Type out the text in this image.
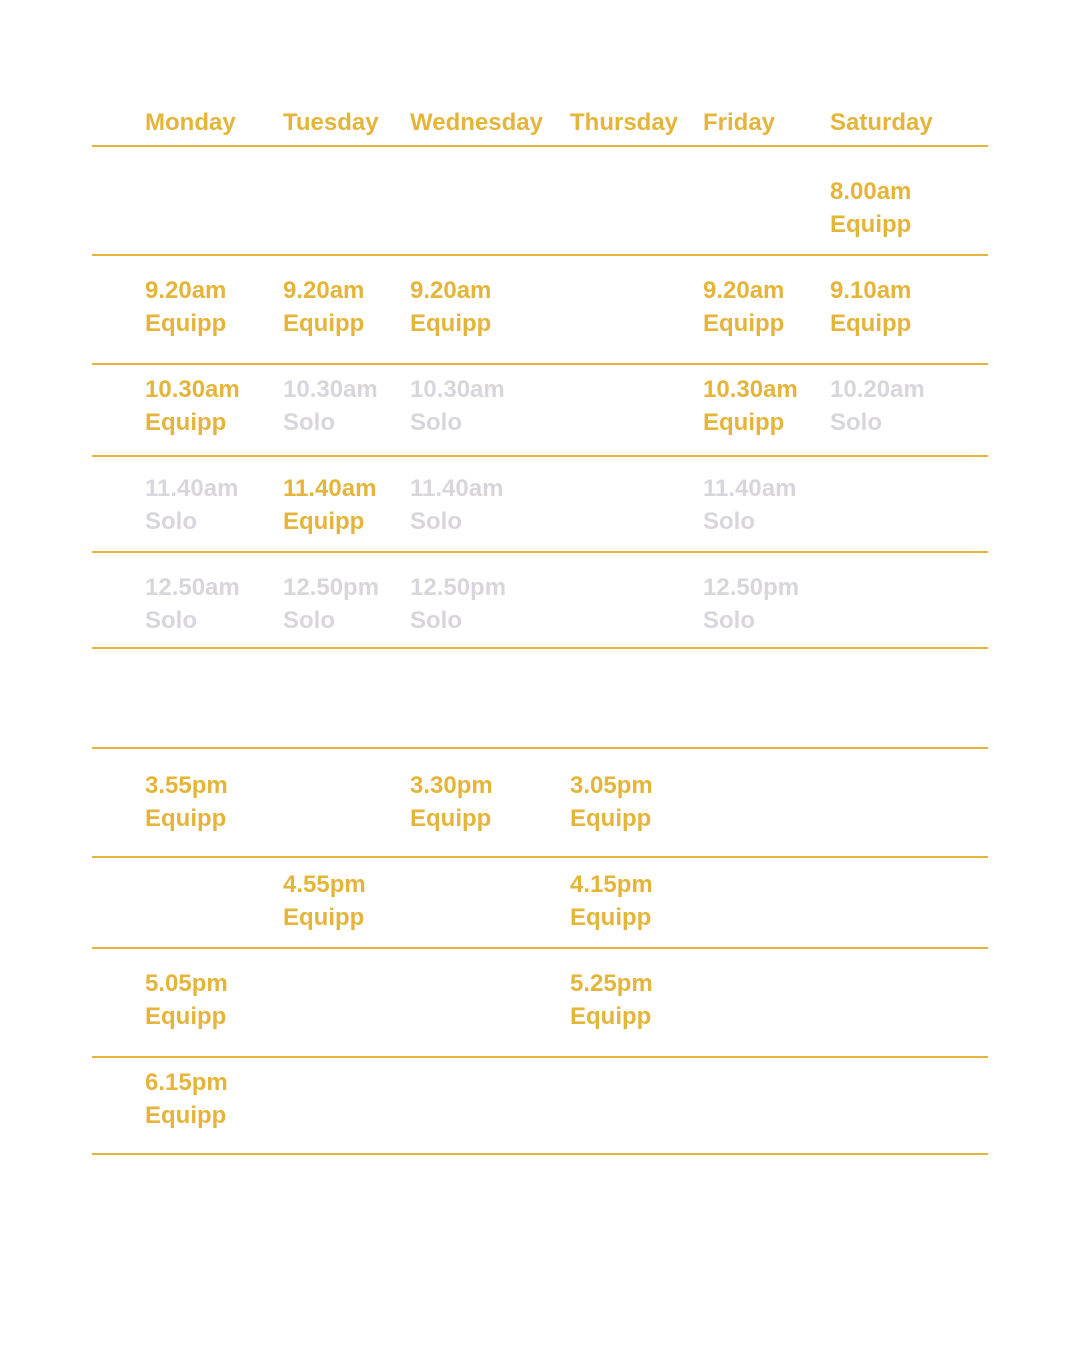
Monday Tuesday Wednesday Thursday Friday Saturday
8.00am
Equipp
9.20am
Equipp
9.20am
Equipp
9.20am
Equipp
9.20am
Equipp
9.10am
Equipp
10.30am
Equipp
10.30am
Solo
10.30am
Solo
10.30am
Equipp
10.20am
Solo
11.40am
Solo
11.40am
Equipp
11.40am
Solo
11.40am
Solo
12.50am
Solo
12.50pm
Solo
12.50pm
Solo
12.50pm
Solo
3.55pm
Equipp
3.30pm
Equipp
3.05pm
Equipp
4.55pm
Equipp
4.15pm
Equipp
5.05pm
Equipp
5.25pm
Equipp
6.15pm
Equipp
